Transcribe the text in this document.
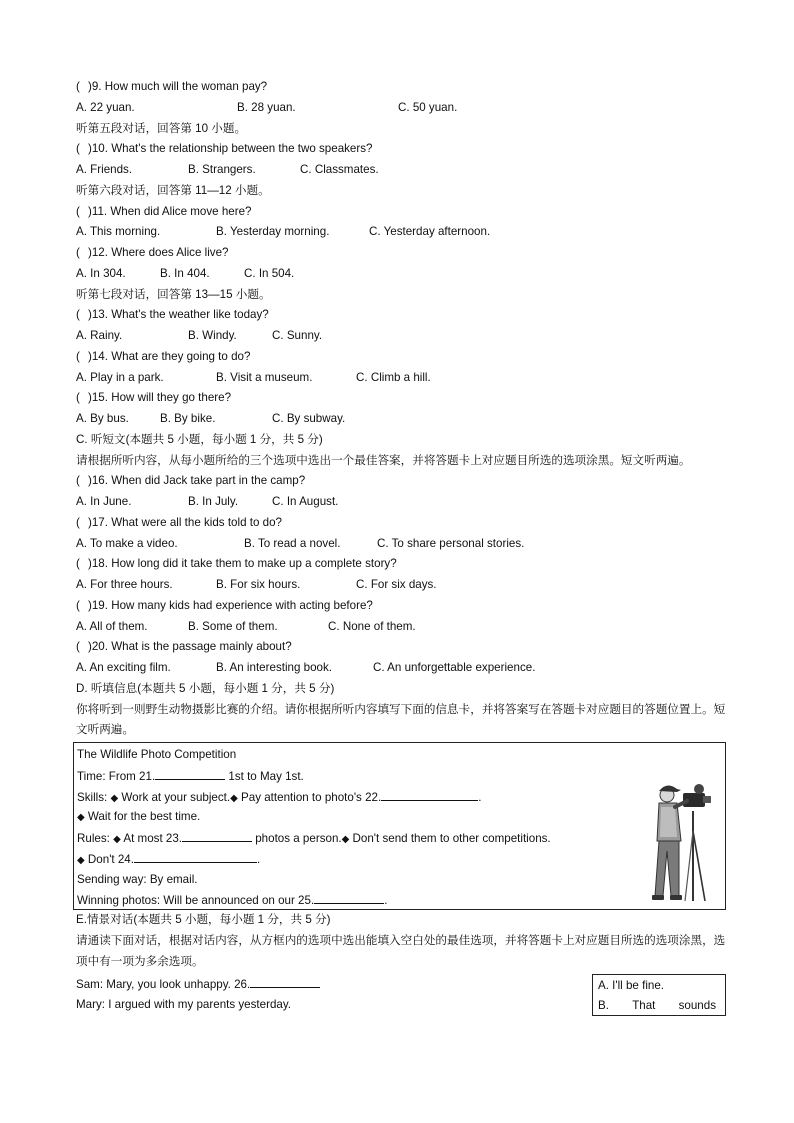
( )9. How much will the woman pay?
A. 22 yuan.	B. 28 yuan.	C. 50 yuan.
听第五段对话，回答第 10 小题。
( )10. What's the relationship between the two speakers?
A. Friends.	B. Strangers.	C. Classmates.
听第六段对话，回答第 11—12 小题。
( )11. When did Alice move here?
A. This morning.	B. Yesterday morning.	C. Yesterday afternoon.
( )12. Where does Alice live?
A. In 304.	B. In 404.	C. In 504.
听第七段对话，回答第 13—15 小题。
( )13. What's the weather like today?
A. Rainy.	B. Windy.	C. Sunny.
( )14. What are they going to do?
A. Play in a park.	B. Visit a museum.	C. Climb a hill.
( )15. How will they go there?
A. By bus.	B. By bike.	C. By subway.
C. 听短文(本题共 5 小题，每小题 1 分，共 5 分)
请根据所听内容，从每小题所给的三个选项中选出一个最佳答案，并将答题卡上对应题目所选的选项涂黑。短文听两遍。
( )16. When did Jack take part in the camp?
A. In June.	B. In July.	C. In August.
( )17. What were all the kids told to do?
A. To make a video.	B. To read a novel.	C. To share personal stories.
( )18. How long did it take them to make up a complete story?
A. For three hours.	B. For six hours.	C. For six days.
( )19. How many kids had experience with acting before?
A. All of them.	B. Some of them.	C. None of them.
( )20. What is the passage mainly about?
A. An exciting film.	B. An interesting book.	C. An unforgettable experience.
D. 听填信息(本题共 5 小题，每小题 1 分，共 5 分)
你将听到一则野生动物摄影比赛的介绍。请你根据所听内容填写下面的信息卡，并将答案写在答题卡对应题目的答题位置上。短文听两遍。
The Wildlife Photo Competition
Time: From 21.	1st to May 1st.
Skills: ◆ Work at your subject.◆ Pay attention to photo's 22.	.
◆ Wait for the best time.
Rules: ◆ At most 23.	photos a person.◆ Don't send them to other competitions.
◆ Don't 24.	.
Sending way: By email.
Winning photos: Will be announced on our 25.	.
E.情景对话(本题共 5 小题，每小题 1 分，共 5 分)
请通读下面对话，根据对话内容，从方框内的选项中选出能填入空白处的最佳选项，并将答题卡上对应题目所选的选项涂黑，选项中有一项为多余选项。
Sam: Mary, you look unhappy. 26.
Mary: I argued with my parents yesterday.
A. I'll be fine.
B. That sounds
